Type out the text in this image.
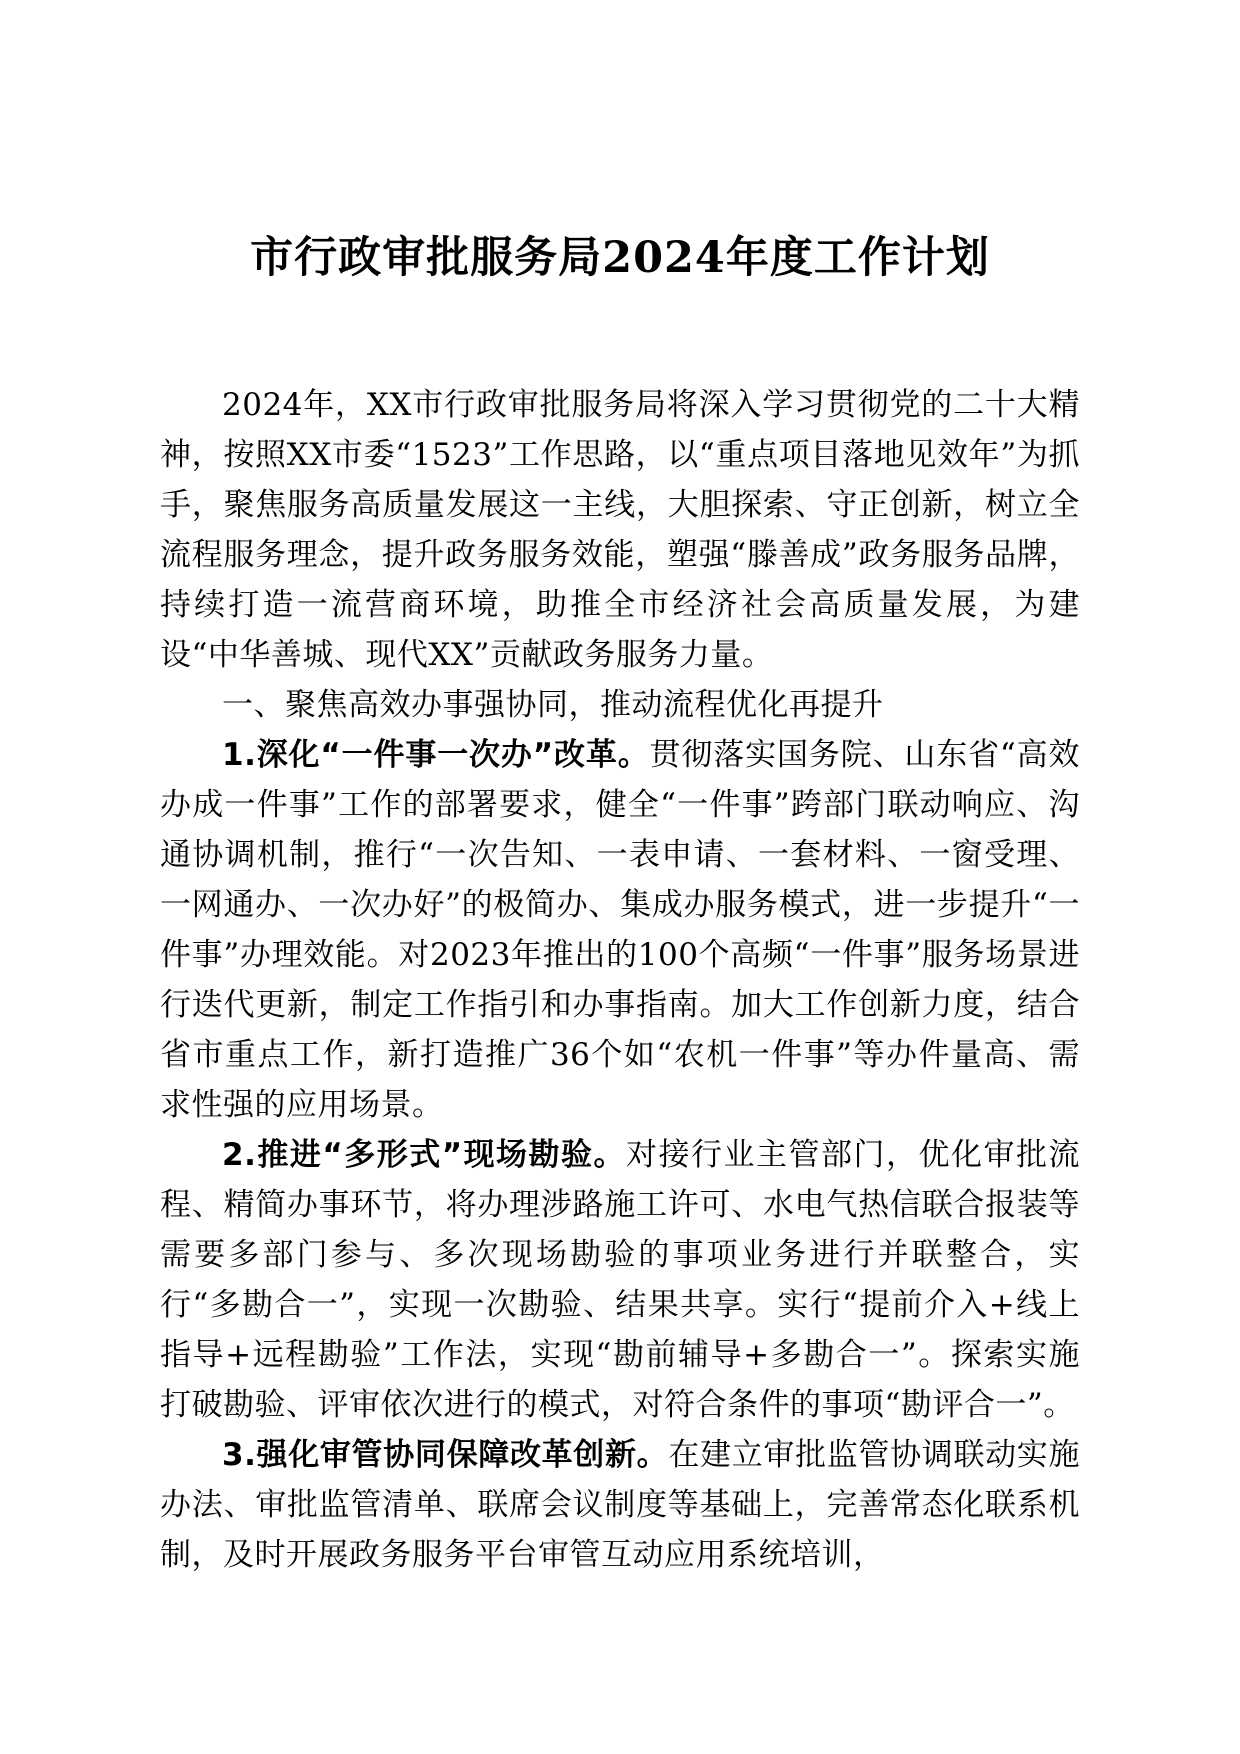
市行政审批服务局2024年度工作计划

2024年，XX市行政审批服务局将深入学习贯彻党的二十大精神，按照XX市委“1523”工作思路，以“重点项目落地见效年”为抓手，聚焦服务高质量发展这一主线，大胆探索、守正创新，树立全流程服务理念，提升政务服务效能，塑强“滕善成”政务服务品牌，持续打造一流营商环境，助推全市经济社会高质量发展，为建设“中华善城、现代XX”贡献政务服务力量。

一、聚焦高效办事强协同，推动流程优化再提升

1.深化“一件事一次办”改革。贯彻落实国务院、山东省“高效办成一件事”工作的部署要求，健全“一件事”跨部门联动响应、沟通协调机制，推行“一次告知、一表申请、一套材料、一窗受理、一网通办、一次办好”的极简办、集成办服务模式，进一步提升“一件事”办理效能。对2023年推出的100个高频“一件事”服务场景进行迭代更新，制定工作指引和办事指南。加大工作创新力度，结合省市重点工作，新打造推广36个如“农机一件事”等办件量高、需求性强的应用场景。

2.推进“多形式”现场勘验。对接行业主管部门，优化审批流程、精简办事环节，将办理涉路施工许可、水电气热信联合报装等需要多部门参与、多次现场勘验的事项业务进行并联整合，实行“多勘合一”，实现一次勘验、结果共享。实行“提前介入+线上指导+远程勘验”工作法，实现“勘前辅导+多勘合一”。探索实施打破勘验、评审依次进行的模式，对符合条件的事项“勘评合一”。

3.强化审管协同保障改革创新。在建立审批监管协调联动实施办法、审批监管清单、联席会议制度等基础上，完善常态化联系机制，及时开展政务服务平台审管互动应用系统培训，
